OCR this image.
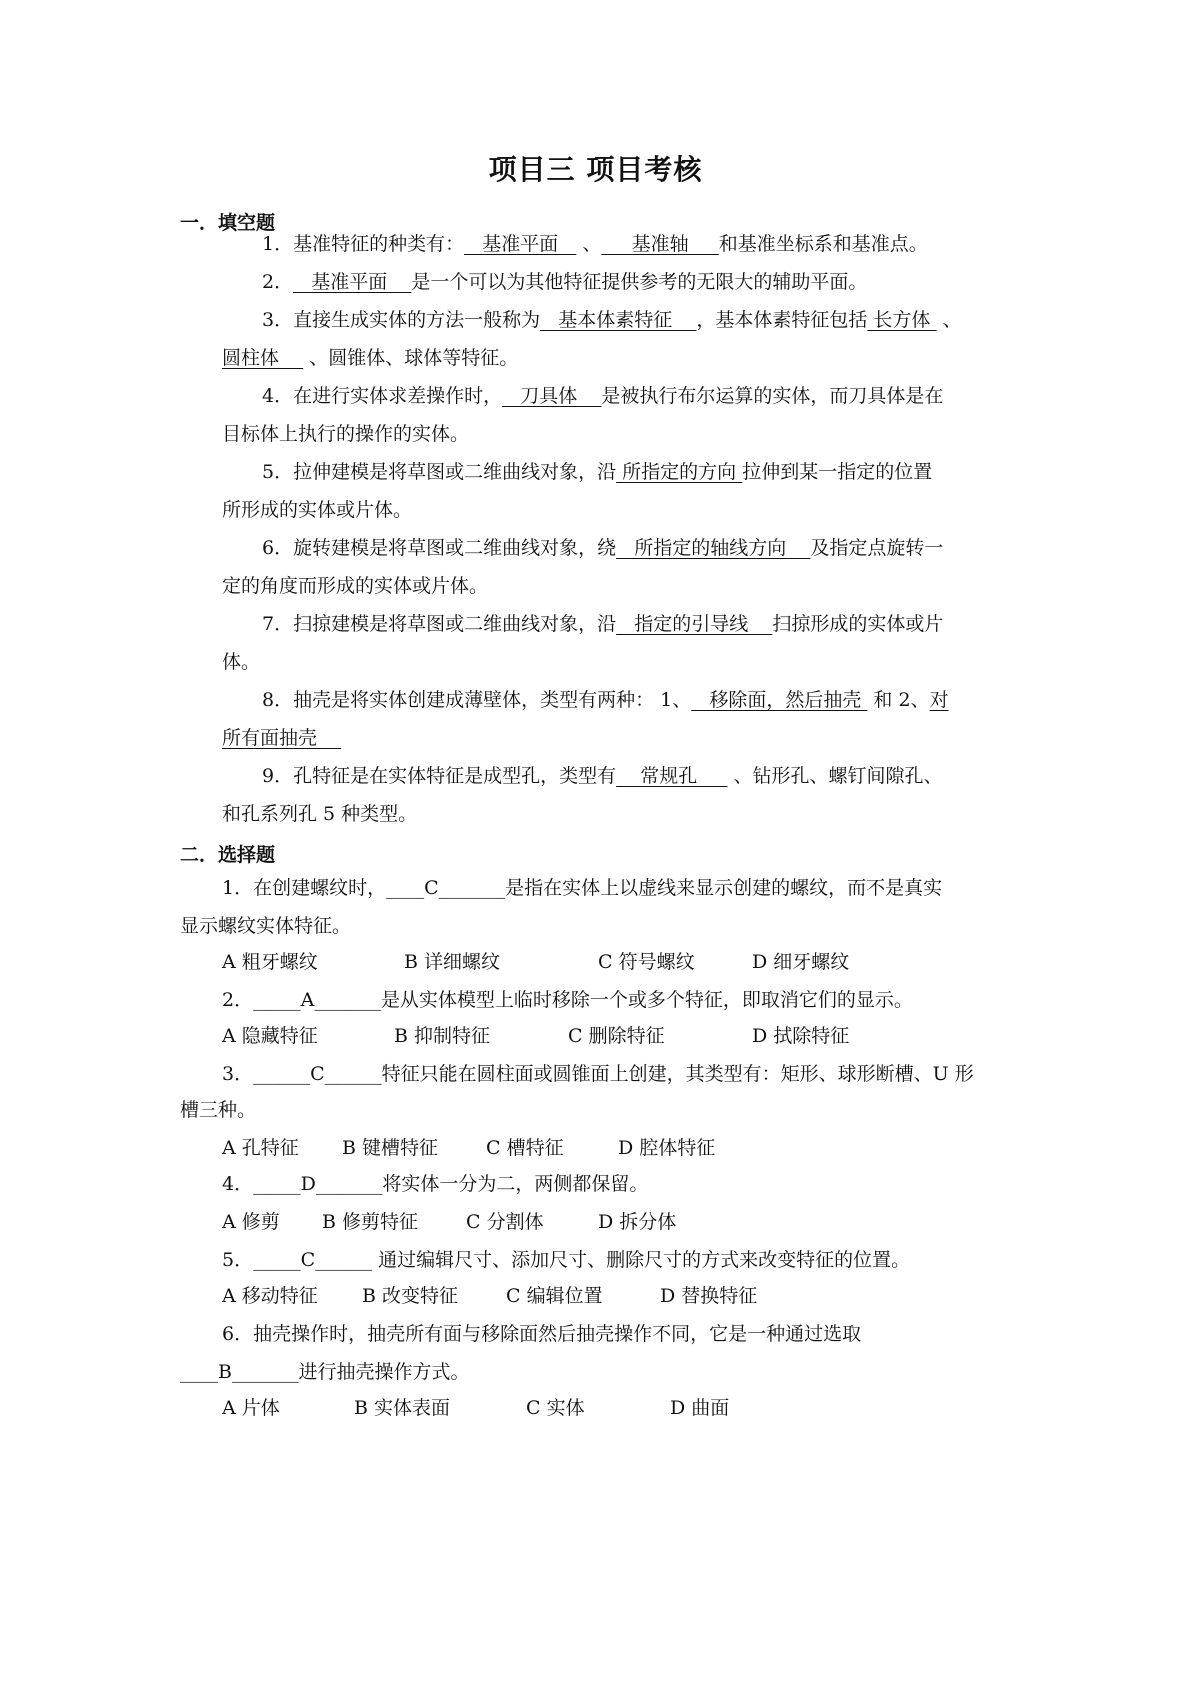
项目三 项目考核
一．填空题
1．基准特征的种类有：   基准平面    、     基准轴     和基准坐标系和基准点。
2．   基准平面    是一个可以为其他特征提供参考的无限大的辅助平面。
3．直接生成实体的方法一般称为   基本体素特征    ，基本体素特征包括 长方体  、
圆柱体     、圆锥体、球体等特征。
4．在进行实体求差操作时，   刀具体    是被执行布尔运算的实体，而刀具体是在
目标体上执行的操作的实体。
5．拉伸建模是将草图或二维曲线对象，沿 所指定的方向 拉伸到某一指定的位置
所形成的实体或片体。
6．旋转建模是将草图或二维曲线对象，绕   所指定的轴线方向    及指定点旋转一
定的角度而形成的实体或片体。
7．扫掠建模是将草图或二维曲线对象，沿   指定的引导线    扫掠形成的实体或片
体。
8．抽壳是将实体创建成薄壁体，类型有两种： 1、   移除面，然后抽壳  和 2、对
所有面抽壳
9．孔特征是在实体特征是成型孔，类型有    常规孔      、钻形孔、螺钉间隙孔、
和孔系列孔 5 种类型。
二．选择题
1．在创建螺纹时，____C_______是指在实体上以虚线来显示创建的螺纹，而不是真实
显示螺纹实体特征。
A 粗牙螺纹	B 详细螺纹	C 符号螺纹	D 细牙螺纹
2．_____A_______是从实体模型上临时移除一个或多个特征，即取消它们的显示。
A 隐藏特征	B 抑制特征	C 删除特征	D 拭除特征
3．______C______特征只能在圆柱面或圆锥面上创建，其类型有：矩形、球形断槽、U 形
槽三种。
A 孔特征 B 键槽特征	C 槽特征	D 腔体特征
4．_____D_______将实体一分为二，两侧都保留。
A 修剪 B 修剪特征	C 分割体	D 拆分体
5．_____C______ 通过编辑尺寸、添加尺寸、删除尺寸的方式来改变特征的位置。
A 移动特征 B 改变特征	C 编辑位置	D 替换特征
6．抽壳操作时，抽壳所有面与移除面然后抽壳操作不同，它是一种通过选取
____B_______进行抽壳操作方式。
A 片体	B 实体表面	C 实体	D 曲面
